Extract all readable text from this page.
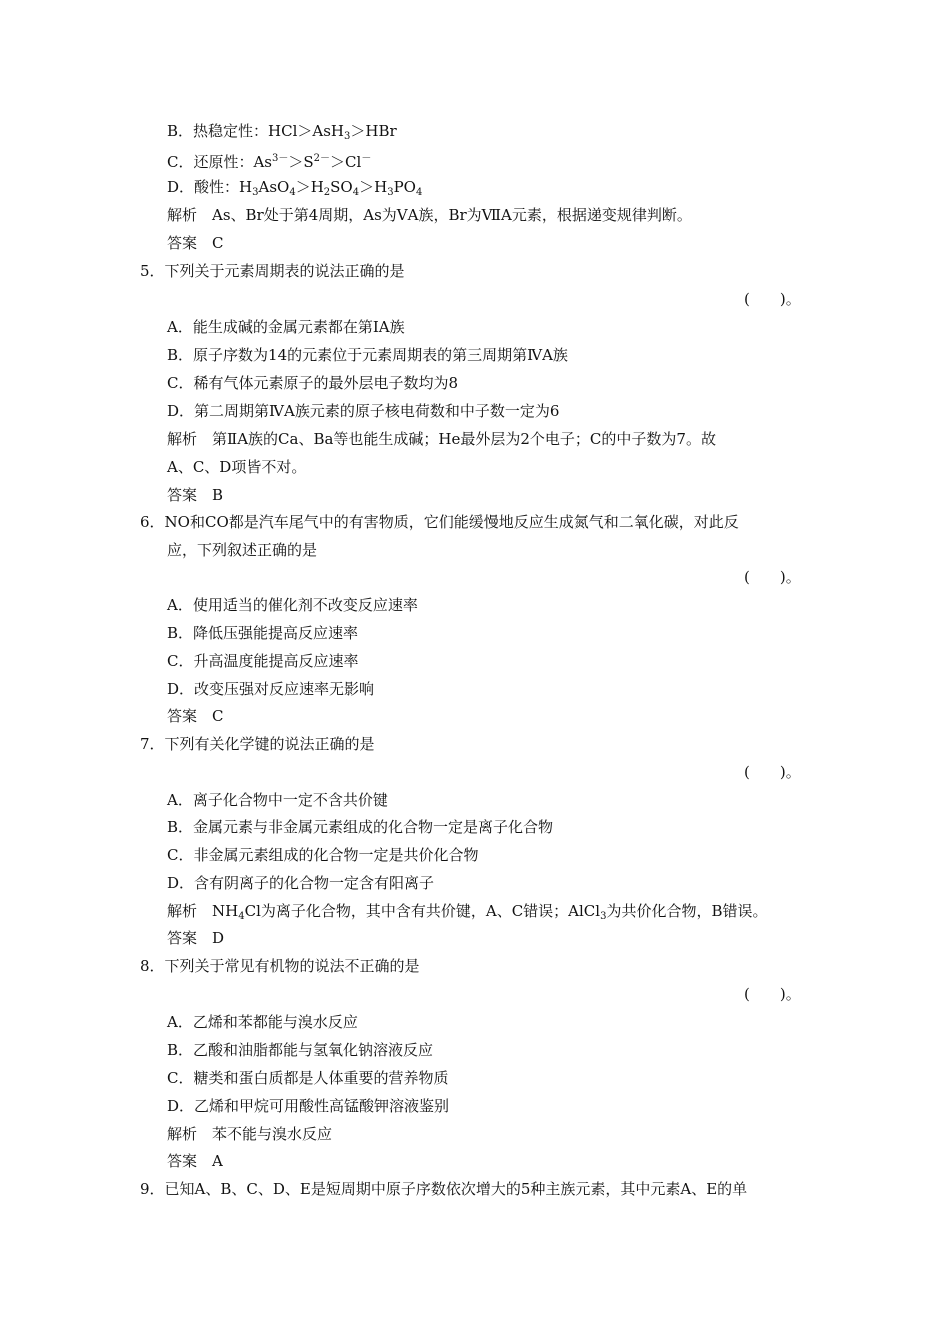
B．热稳定性：HCl＞AsH$_3$＞HBr
C．还原性：$As^{3-}>S^{2-}>Cl^-$
D．酸性：$H_3AsO_4>H_2SO_4>H_3PO_4$
解析　As、Br处于第4周期，As为ⅤA族，Br为ⅦA元素，根据递变规律判断。
答案　C
5．下列关于元素周期表的说法正确的是
(　　)。
A．能生成碱的金属元素都在第ⅠA族
B．原子序数为14的元素位于元素周期表的第三周期第ⅣA族
C．稀有气体元素原子的最外层电子数均为8
D．第二周期第ⅣA族元素的原子核电荷数和中子数一定为6
解析　第ⅡA族的Ca、Ba等也能生成碱；He最外层为2个电子；C的中子数为7。故
A、C、D项皆不对。
答案　B
6．NO和CO都是汽车尾气中的有害物质，它们能缓慢地反应生成氮气和二氧化碳，对此反
应，下列叙述正确的是
(　　)。
A．使用适当的催化剂不改变反应速率
B．降低压强能提高反应速率
C．升高温度能提高反应速率
D．改变压强对反应速率无影响
答案　C
7．下列有关化学键的说法正确的是
(　　)。
A．离子化合物中一定不含共价键
B．金属元素与非金属元素组成的化合物一定是离子化合物
C．非金属元素组成的化合物一定是共价化合物
D．含有阴离子的化合物一定含有阳离子
解析　$NH_4Cl$为离子化合物，其中含有共价键，A、C错误；AlCl$_3$为共价化合物，B错误。
答案　D
8．下列关于常见有机物的说法不正确的是
(　　)。
A．乙烯和苯都能与溴水反应
B．乙酸和油脂都能与氢氧化钠溶液反应
C．糖类和蛋白质都是人体重要的营养物质
D．乙烯和甲烷可用酸性高锰酸钾溶液鉴别
解析　苯不能与溴水反应
答案　A
9．已知A、B、C、D、E是短周期中原子序数依次增大的5种主族元素，其中元素A、E的单
